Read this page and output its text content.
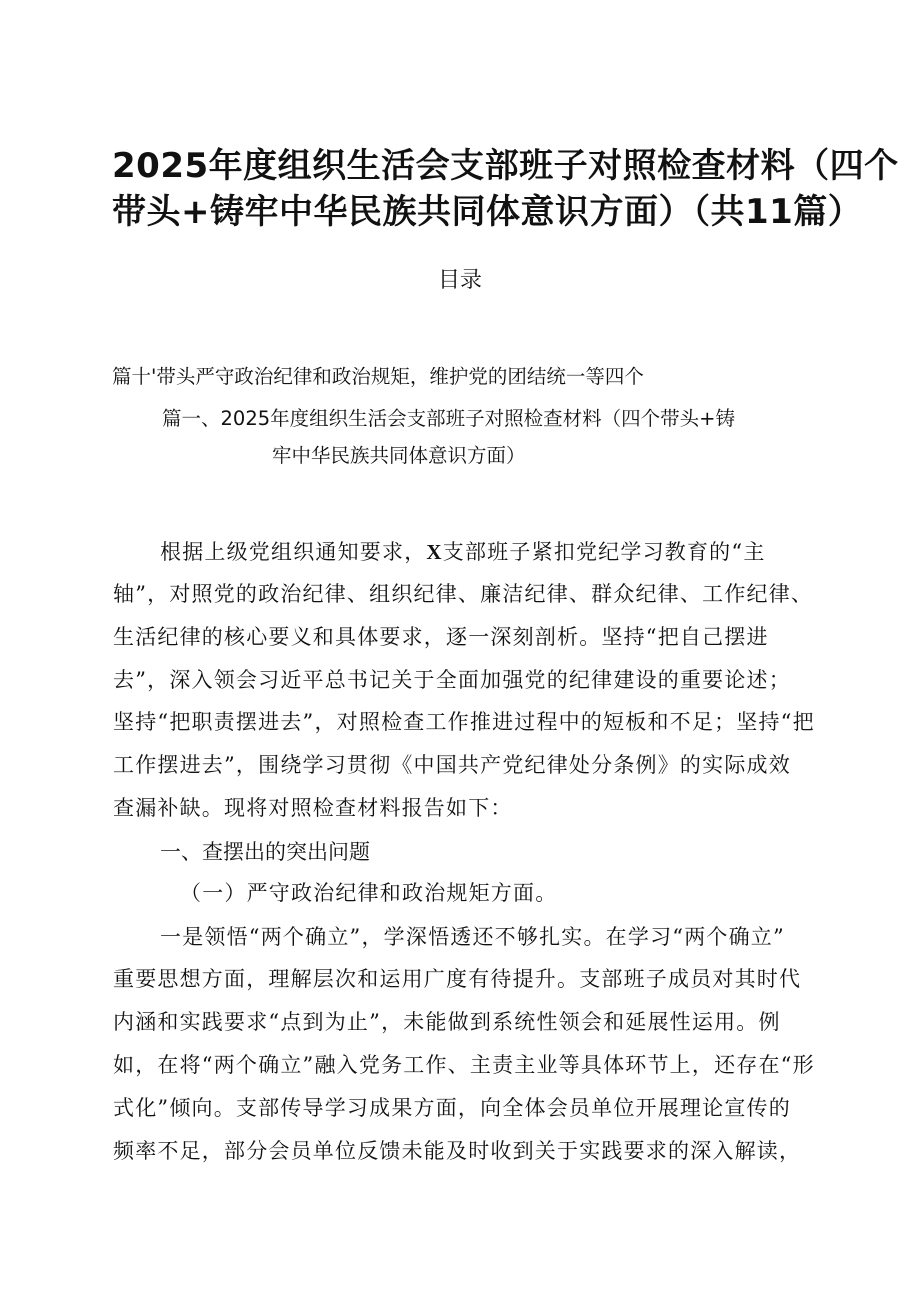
2025年度组织生活会支部班子对照检查材料（四个
带头+铸牢中华民族共同体意识方面）（共11篇）
目录
篇十'带头严守政治纪律和政治规矩，维护党的团结统一等四个
篇一、2025年度组织生活会支部班子对照检查材料（四个带头+铸
牢中华民族共同体意识方面）
根据上级党组织通知要求，X支部班子紧扣党纪学习教育的“主
轴”，对照党的政治纪律、组织纪律、廉洁纪律、群众纪律、工作纪律、
生活纪律的核心要义和具体要求，逐一深刻剖析。坚持“把自己摆进
去”，深入领会习近平总书记关于全面加强党的纪律建设的重要论述；
坚持“把职责摆进去”，对照检查工作推进过程中的短板和不足；坚持“把
工作摆进去”，围绕学习贯彻《中国共产党纪律处分条例》的实际成效
查漏补缺。现将对照检查材料报告如下：
一、查摆出的突出问题
（一）严守政治纪律和政治规矩方面。
一是领悟“两个确立”，学深悟透还不够扎实。在学习“两个确立”
重要思想方面，理解层次和运用广度有待提升。支部班子成员对其时代
内涵和实践要求“点到为止”，未能做到系统性领会和延展性运用。例
如，在将“两个确立”融入党务工作、主责主业等具体环节上，还存在“形
式化”倾向。支部传导学习成果方面，向全体会员单位开展理论宣传的
频率不足，部分会员单位反馈未能及时收到关于实践要求的深入解读，
